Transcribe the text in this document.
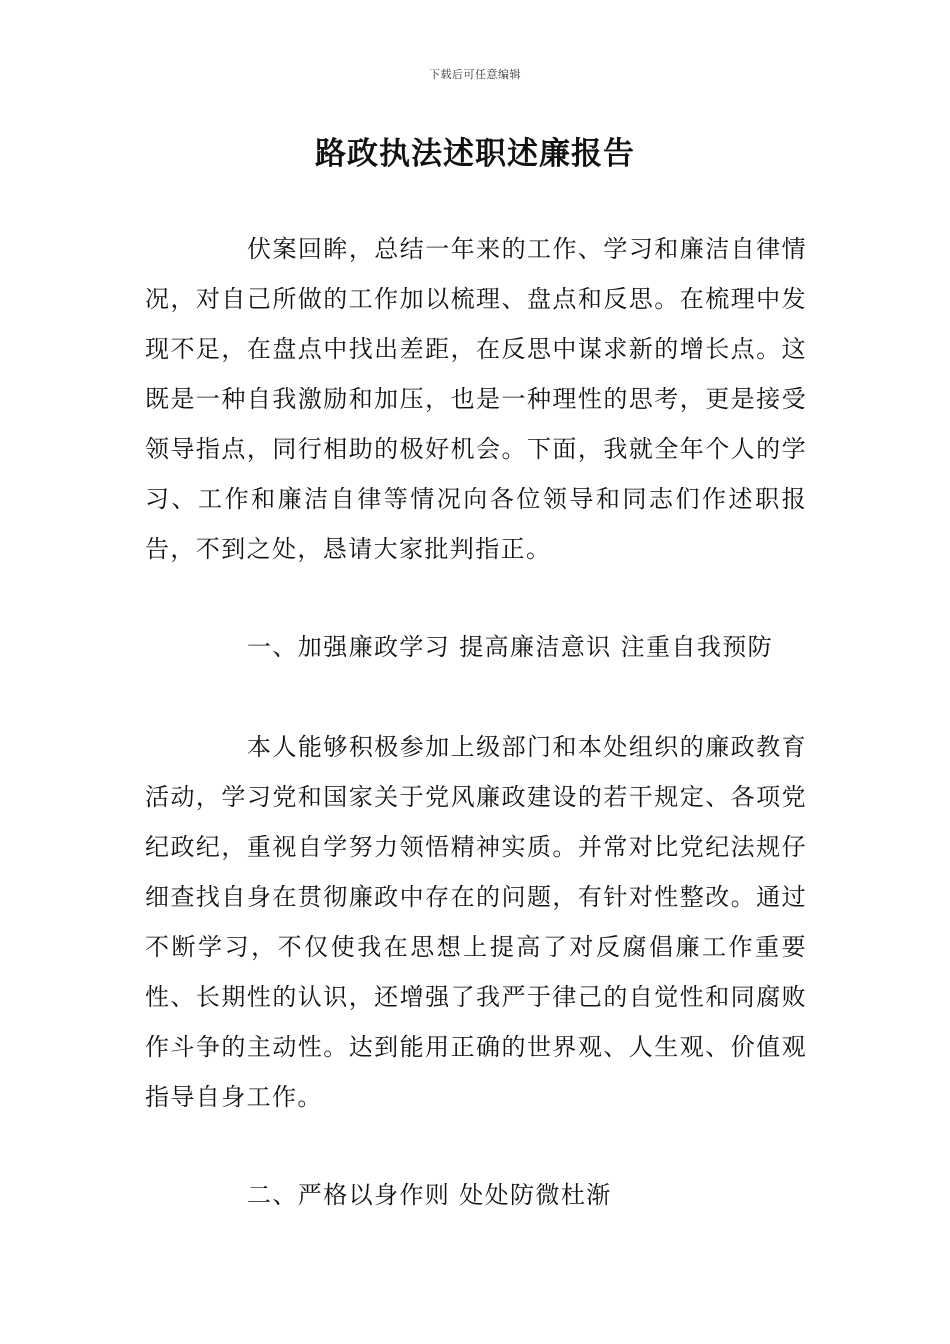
下载后可任意编辑
路政执法述职述廉报告

伏案回眸，总结一年来的工作、学习和廉洁自律情况，对自己所做的工作加以梳理、盘点和反思。在梳理中发现不足，在盘点中找出差距，在反思中谋求新的增长点。这既是一种自我激励和加压，也是一种理性的思考，更是接受领导指点，同行相助的极好机会。下面，我就全年个人的学习、工作和廉洁自律等情况向各位领导和同志们作述职报告，不到之处，恳请大家批判指正。

一、加强廉政学习 提高廉洁意识 注重自我预防

本人能够积极参加上级部门和本处组织的廉政教育活动，学习党和国家关于党风廉政建设的若干规定、各项党纪政纪，重视自学努力领悟精神实质。并常对比党纪法规仔细查找自身在贯彻廉政中存在的问题，有针对性整改。通过不断学习，不仅使我在思想上提高了对反腐倡廉工作重要性、长期性的认识，还增强了我严于律己的自觉性和同腐败作斗争的主动性。达到能用正确的世界观、人生观、价值观指导自身工作。

二、严格以身作则 处处防微杜渐
